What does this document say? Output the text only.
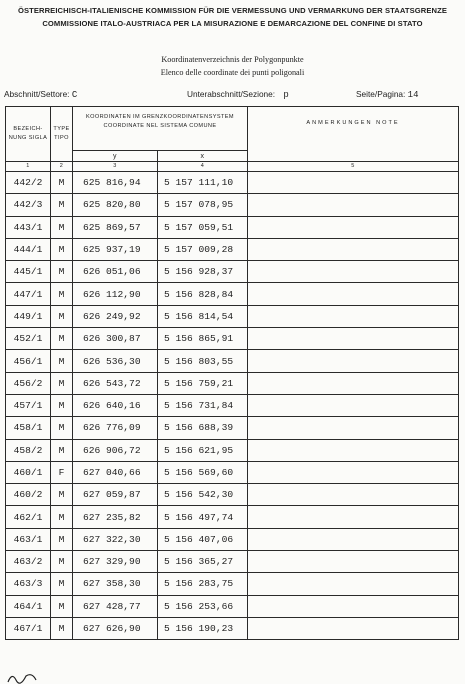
ÖSTERREICHISCH-ITALIENISCHE KOMMISSION FÜR DIE VERMESSUNG UND VERMARKUNG DER STAATSGRENZE
COMMISSIONE ITALO-AUSTRIACA PER LA MISURAZIONE E DEMARCAZIONE DEL CONFINE DI STATO
Koordinatenverzeichnis der Polygonpunkte
Elenco delle coordinate dei punti poligonali
Abschnitt/Settore: C	Unterabschnitt/Sezione: p	Seite/Pagina: 14
BEZEICH-NUNG SIGLA	TYPE TIPO	KOORDINATEN IM GRENZKOORDINATENSYSTEM COORDINATE NEL SISTEMA COMUNE		ANMERKUNGEN NOTE
		y	x	
1	2	3	4	5
442/2	M	625 816,94	5 157 111,10	
442/3	M	625 820,80	5 157 078,95	
443/1	M	625 869,57	5 157 059,51	
444/1	M	625 937,19	5 157 009,28	
445/1	M	626 051,06	5 156 928,37	
447/1	M	626 112,90	5 156 828,84	
449/1	M	626 249,92	5 156 814,54	
452/1	M	626 300,87	5 156 865,91	
456/1	M	626 536,30	5 156 803,55	
456/2	M	626 543,72	5 156 759,21	
457/1	M	626 640,16	5 156 731,84	
458/1	M	626 776,09	5 156 688,39	
458/2	M	626 906,72	5 156 621,95	
460/1	F	627 040,66	5 156 569,60	
460/2	M	627 059,87	5 156 542,30	
462/1	M	627 235,82	5 156 497,74	
463/1	M	627 322,30	5 156 407,06	
463/2	M	627 329,90	5 156 365,27	
463/3	M	627 358,30	5 156 283,75	
464/1	M	627 428,77	5 156 253,66	
467/1	M	627 626,90	5 156 190,23	
